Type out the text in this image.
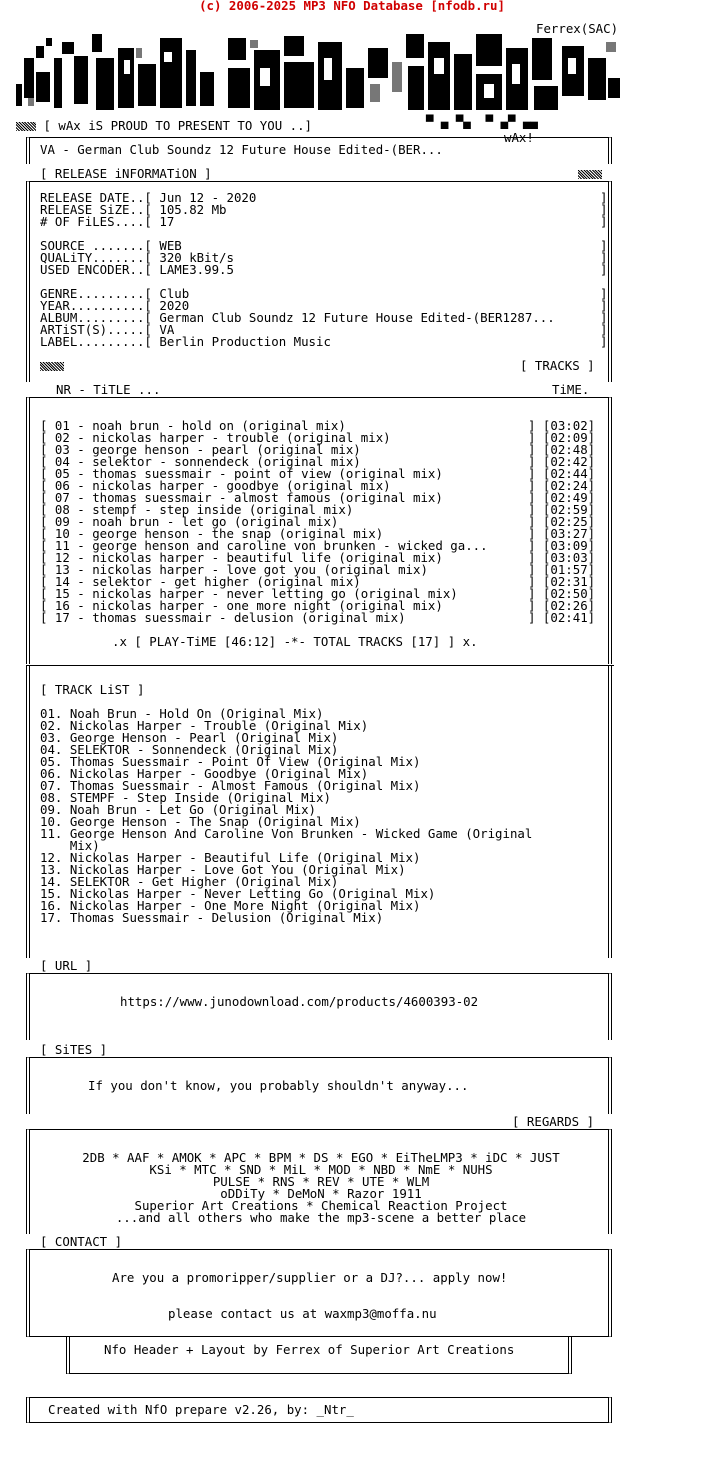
(c) 2006-2025 MP3 NFO Database [nfodb.ru]
Ferrex(SAC)
[ wAx iS PROUD TO PRESENT TO YOU ..]
wAx!
▀ ▄ ▀▄  ▀ ▄▀ ▄▄
VA - German Club Soundz 12 Future House Edited-(BER...
[ RELEASE iNFORMATiON ]
RELEASE DATE..[ Jun 12 - 2020	]
RELEASE SiZE..[ 105.82 Mb	]
# OF FiLES....[ 17	]
SOURCE .......[ WEB	]
QUALiTY.......[ 320 kBit/s	]
USED ENCODER..[ LAME3.99.5	]
GENRE.........[ Club	]
YEAR..........[ 2020	]
ALBUM.........[ German Club Soundz 12 Future House Edited-(BER1287...	]
ARTiST(S).....[ VA	]
LABEL.........[ Berlin Production Music	]
[ TRACKS ]
NR - TiTLE ...	TiME.
[ 01 - noah brun - hold on (original mix)	] [03:02]
[ 02 - nickolas harper - trouble (original mix)	] [02:09]
[ 03 - george henson - pearl (original mix)	] [02:48]
[ 04 - selektor - sonnendeck (original mix)	] [02:42]
[ 05 - thomas suessmair - point of view (original mix)	] [02:44]
[ 06 - nickolas harper - goodbye (original mix)	] [02:24]
[ 07 - thomas suessmair - almost famous (original mix)	] [02:49]
[ 08 - stempf - step inside (original mix)	] [02:59]
[ 09 - noah brun - let go (original mix)	] [02:25]
[ 10 - george henson - the snap (original mix)	] [03:27]
[ 11 - george henson and caroline von brunken - wicked ga...	] [03:09]
[ 12 - nickolas harper - beautiful life (original mix)	] [03:03]
[ 13 - nickolas harper - love got you (original mix)	] [01:57]
[ 14 - selektor - get higher (original mix)	] [02:31]
[ 15 - nickolas harper - never letting go (original mix)	] [02:50]
[ 16 - nickolas harper - one more night (original mix)	] [02:26]
[ 17 - thomas suessmair - delusion (original mix)	] [02:41]
.x [ PLAY-TiME [46:12] -*- TOTAL TRACKS [17] ] x.
[ TRACK LiST ]
01. Noah Brun - Hold On (Original Mix)
02. Nickolas Harper - Trouble (Original Mix)
03. George Henson - Pearl (Original Mix)
04. SELEKTOR - Sonnendeck (Original Mix)
05. Thomas Suessmair - Point Of View (Original Mix)
06. Nickolas Harper - Goodbye (Original Mix)
07. Thomas Suessmair - Almost Famous (Original Mix)
08. STEMPF - Step Inside (Original Mix)
09. Noah Brun - Let Go (Original Mix)
10. George Henson - The Snap (Original Mix)
11. George Henson And Caroline Von Brunken - Wicked Game (Original
Mix)
12. Nickolas Harper - Beautiful Life (Original Mix)
13. Nickolas Harper - Love Got You (Original Mix)
14. SELEKTOR - Get Higher (Original Mix)
15. Nickolas Harper - Never Letting Go (Original Mix)
16. Nickolas Harper - One More Night (Original Mix)
17. Thomas Suessmair - Delusion (Original Mix)
[ URL ]
https://www.junodownload.com/products/4600393-02
[ SiTES ]
If you don't know, you probably shouldn't anyway...
[ REGARDS ]
2DB * AAF * AMOK * APC * BPM * DS * EGO * EiTheLMP3 * iDC * JUST
KSi * MTC * SND * MiL * MOD * NBD * NmE * NUHS
PULSE * RNS * REV * UTE * WLM
oDDiTy * DeMoN * Razor 1911
Superior Art Creations * Chemical Reaction Project
...and all others who make the mp3-scene a better place
[ CONTACT ]
Are you a promoripper/supplier or a DJ?... apply now!
please contact us at waxmp3@moffa.nu
Nfo Header + Layout by Ferrex of Superior Art Creations
Created with NfO prepare v2.26, by: _Ntr_
